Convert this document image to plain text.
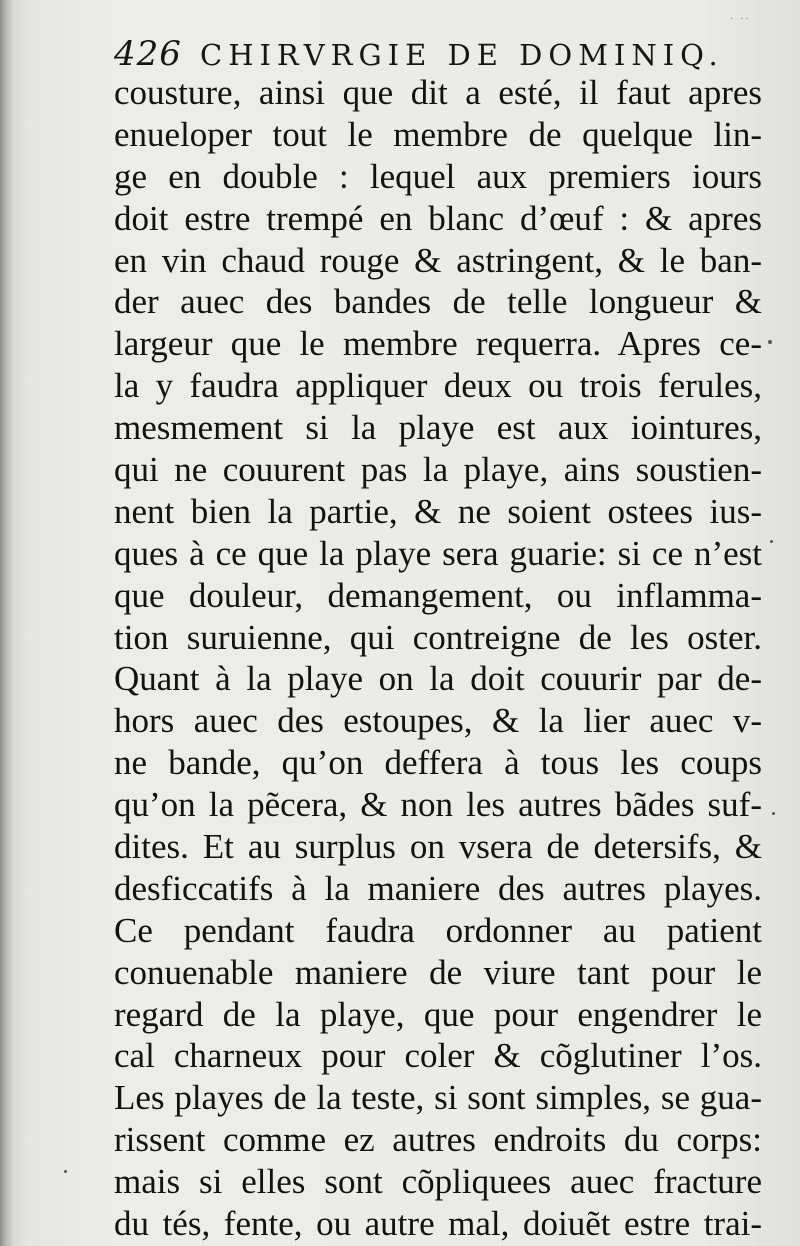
426 CHIRVRGIE DE DOMINIQ.
· ··
cousture, ainsi que dit a esté, il faut apres
enueloper tout le membre de quelque lin-
ge en double : lequel aux premiers iours
doit estre trempé en blanc d’œuf : & apres
en vin chaud rouge & astringent, & le ban-
der auec des bandes de telle longueur &
largeur que le membre requerra. Apres ce-
la y faudra appliquer deux ou trois ferules,
mesmement si la playe est aux iointures,
qui ne couurent pas la playe, ains soustien-
nent bien la partie, & ne soient ostees ius-
ques à ce que la playe sera guarie: si ce n’est
que douleur, demangement, ou inflamma-
tion suruienne, qui contreigne de les oster.
Quant à la playe on la doit couurir par de-
hors auec des estoupes, & la lier auec v-
ne bande, qu’on deffera à tous les coups
qu’on la pẽcera, & non les autres bãdes suf-
dites. Et au surplus on vsera de detersifs, &
desficcatifs à la maniere des autres playes.
Ce pendant faudra ordonner au patient
conuenable maniere de viure tant pour le
regard de la playe, que pour engendrer le
cal charneux pour coler & cõglutiner l’os.
Les playes de la teste, si sont simples, se gua-
rissent comme ez autres endroits du corps:
mais si elles sont cõpliquees auec fracture
du tés, fente, ou autre mal, doiuẽt estre trai-
